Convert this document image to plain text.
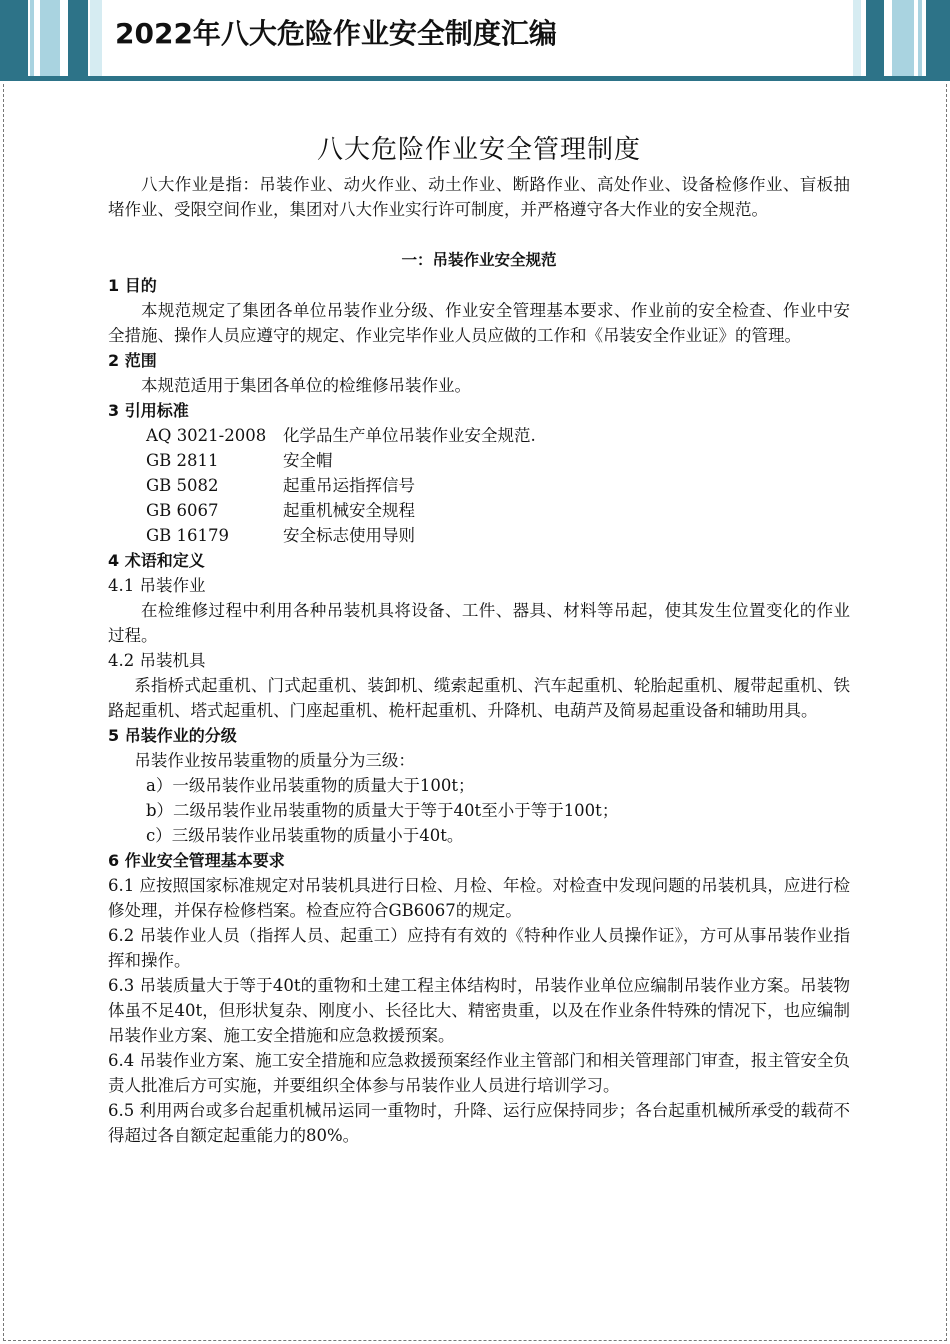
2022年八大危险作业安全制度汇编
八大危险作业安全管理制度

八大作业是指：吊装作业、动火作业、动土作业、断路作业、高处作业、设备检修作业、盲板抽堵作业、受限空间作业，集团对八大作业实行许可制度，并严格遵守各大作业的安全规范。

一：吊装作业安全规范

1 目的

本规范规定了集团各单位吊装作业分级、作业安全管理基本要求、作业前的安全检查、作业中安全措施、操作人员应遵守的规定、作业完毕作业人员应做的工作和《吊装安全作业证》的管理。

2 范围

本规范适用于集团各单位的检维修吊装作业。

3 引用标准

AQ 3021-2008 化学品生产单位吊装作业安全规范.

GB 2811	安全帽

GB 5082	起重吊运指挥信号

GB 6067	起重机械安全规程

GB 16179	安全标志使用导则

4 术语和定义

4.1 吊装作业

在检维修过程中利用各种吊装机具将设备、工件、器具、材料等吊起，使其发生位置变化的作业过程。

4.2 吊装机具

系指桥式起重机、门式起重机、装卸机、缆索起重机、汽车起重机、轮胎起重机、履带起重机、铁路起重机、塔式起重机、门座起重机、桅杆起重机、升降机、电葫芦及简易起重设备和辅助用具。

5 吊装作业的分级

吊装作业按吊装重物的质量分为三级：

a）一级吊装作业吊装重物的质量大于100t；

b）二级吊装作业吊装重物的质量大于等于40t至小于等于100t；

c）三级吊装作业吊装重物的质量小于40t。

6 作业安全管理基本要求

6.1 应按照国家标准规定对吊装机具进行日检、月检、年检。对检查中发现问题的吊装机具，应进行检修处理，并保存检修档案。检查应符合GB6067的规定。

6.2 吊装作业人员（指挥人员、起重工）应持有有效的《特种作业人员操作证》，方可从事吊装作业指挥和操作。

6.3 吊装质量大于等于40t的重物和土建工程主体结构时，吊装作业单位应编制吊装作业方案。吊装物体虽不足40t，但形状复杂、刚度小、长径比大、精密贵重，以及在作业条件特殊的情况下，也应编制吊装作业方案、施工安全措施和应急救援预案。

6.4 吊装作业方案、施工安全措施和应急救援预案经作业主管部门和相关管理部门审查，报主管安全负责人批准后方可实施，并要组织全体参与吊装作业人员进行培训学习。

6.5 利用两台或多台起重机械吊运同一重物时，升降、运行应保持同步；各台起重机械所承受的载荷不得超过各自额定起重能力的80%。
